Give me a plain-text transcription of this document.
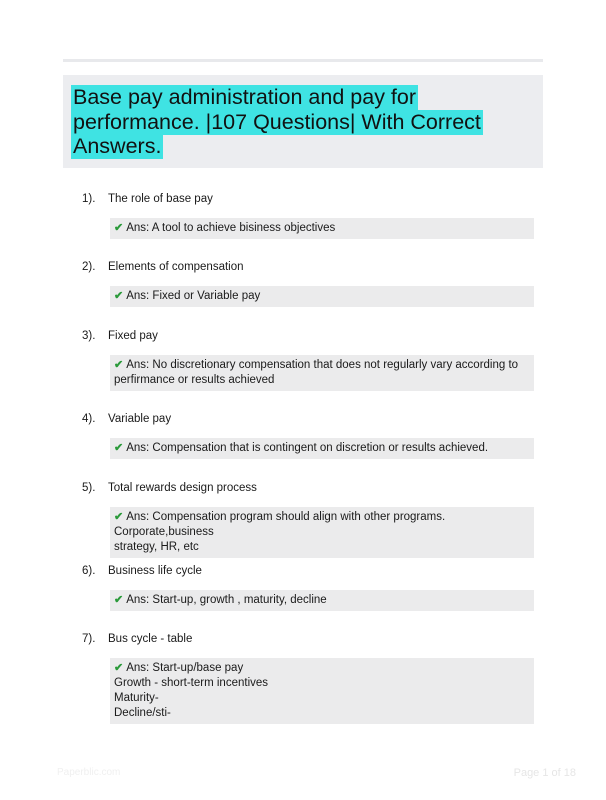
Base pay administration and pay for
performance. |107 Questions| With Correct
Answers.
1). The role of base pay
✔ Ans: A tool to achieve bisiness objectives
2). Elements of compensation
✔ Ans: Fixed or Variable pay
3). Fixed pay
✔ Ans: No discretionary compensation that does not regularly vary according to
perfirmance or results achieved
4). Variable pay
✔ Ans: Compensation that is contingent on discretion or results achieved.
5). Total rewards design process
✔ Ans: Compensation program should align with other programs. Corporate,business
strategy, HR, etc
6). Business life cycle
✔ Ans: Start-up, growth , maturity, decline
7). Bus cycle - table
✔ Ans: Start-up/base pay
Growth - short-term incentives
Maturity-
Decline/sti-
Paperblic.com	Page 1 of 18
